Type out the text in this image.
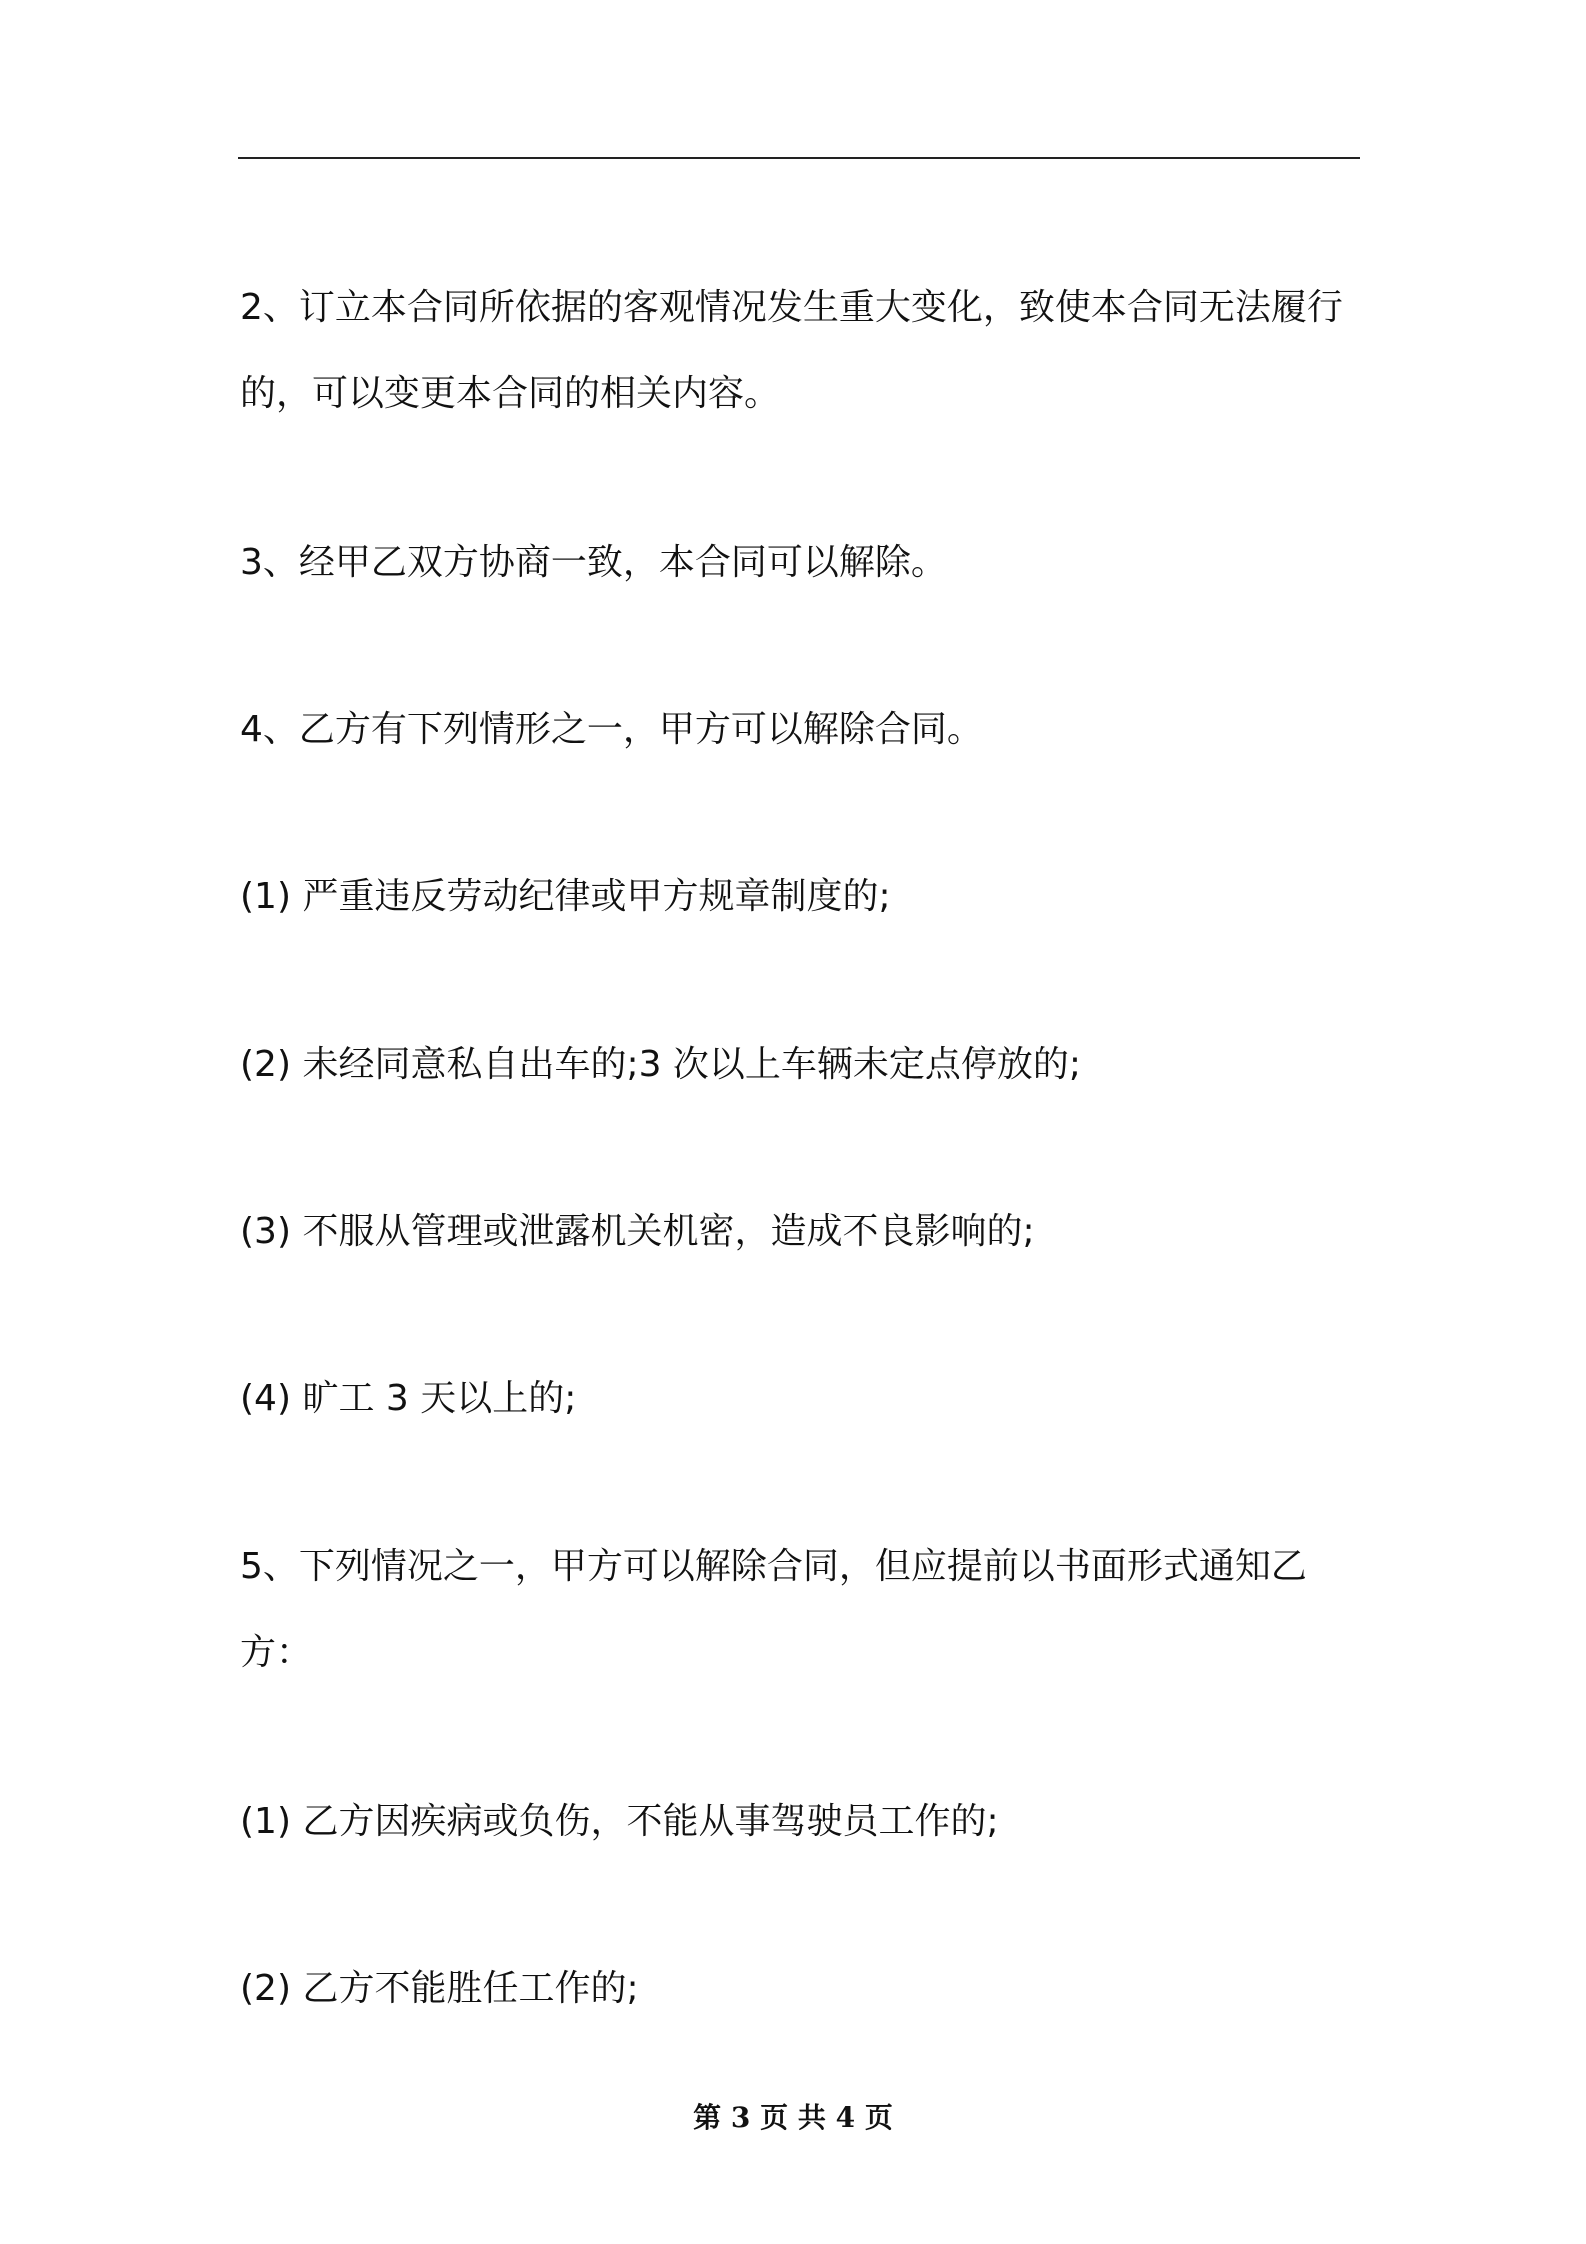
2、订立本合同所依据的客观情况发生重大变化，致使本合同无法履行的，可以变更本合同的相关内容。

3、经甲乙双方协商一致，本合同可以解除。

4、乙方有下列情形之一，甲方可以解除合同。

(1) 严重违反劳动纪律或甲方规章制度的;

(2) 未经同意私自出车的;3 次以上车辆未定点停放的;

(3) 不服从管理或泄露机关机密，造成不良影响的;

(4) 旷工 3 天以上的;

5、下列情况之一，甲方可以解除合同，但应提前以书面形式通知乙方：

(1) 乙方因疾病或负伤，不能从事驾驶员工作的;

(2) 乙方不能胜任工作的;

第 3 页 共 4 页
